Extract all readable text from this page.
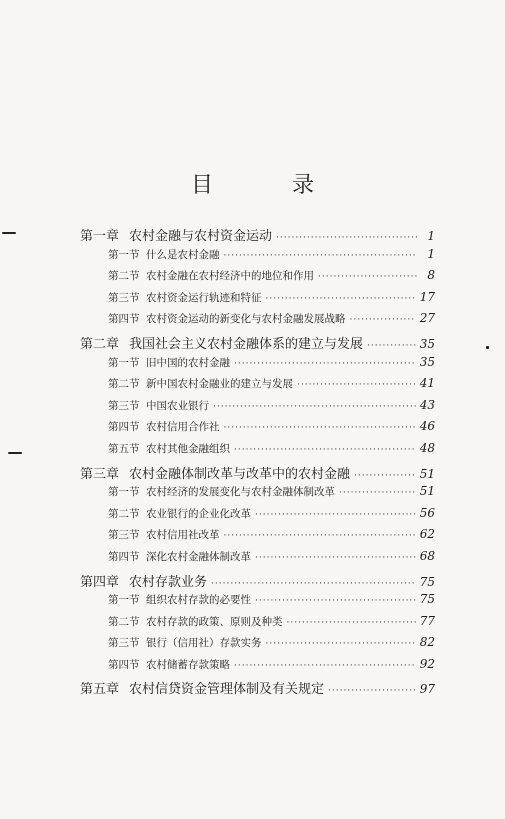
目 录
第一章 农村金融与农村资金运动 ·····	1
第一节 什么是农村金融 ·····	1
第二节 农村金融在农村经济中的地位和作用 ·····	8
第三节 农村资金运行轨迹和特征 ·····	17
第四节 农村资金运动的新变化与农村金融发展战略 ·····	27
第二章 我国社会主义农村金融体系的建立与发展 ·····	35
第一节 旧中国的农村金融 ·····	35
第二节 新中国农村金融业的建立与发展 ·····	41
第三节 中国农业银行 ·····	43
第四节 农村信用合作社 ·····	46
第五节 农村其他金融组织 ·····	48
第三章 农村金融体制改革与改革中的农村金融 ·····	51
第一节 农村经济的发展变化与农村金融体制改革 ·····	51
第二节 农业银行的企业化改革 ·····	56
第三节 农村信用社改革 ·····	62
第四节 深化农村金融体制改革 ·····	68
第四章 农村存款业务 ·····	75
第一节 组织农村存款的必要性 ·····	75
第二节 农村存款的政策、原则及种类 ·····	77
第三节 银行（信用社）存款实务 ·····	82
第四节 农村储蓄存款策略 ·····	92
第五章 农村信贷资金管理体制及有关规定 ·····	97
